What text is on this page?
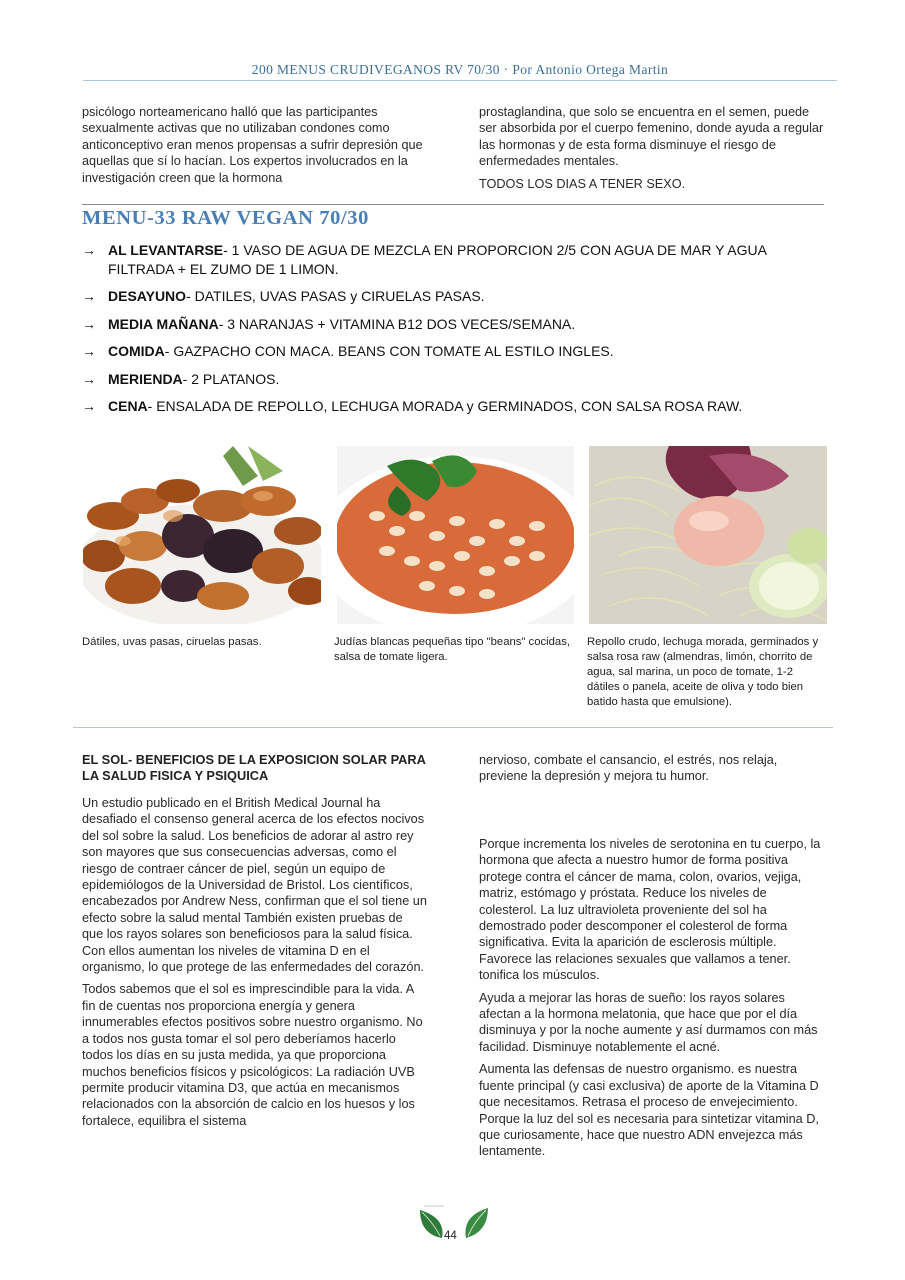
200 MENUS CRUDIVEGANOS RV 70/30 · Por Antonio Ortega Martin

psicólogo norteamericano halló que las participantes sexualmente activas que no utilizaban condones como anticonceptivo eran menos propensas a sufrir depresión que aquellas que sí lo hacían. Los expertos involucrados en la investigación creen que la hormona

prostaglandina, que solo se encuentra en el semen, puede ser absorbida por el cuerpo femenino, donde ayuda a regular las hormonas y de esta forma disminuye el riesgo de enfermedades mentales.

TODOS LOS DIAS A TENER SEXO.

MENU-33 RAW VEGAN 70/30
→ AL LEVANTARSE- 1 VASO DE AGUA DE MEZCLA EN PROPORCION 2/5 CON AGUA DE MAR Y AGUA FILTRADA + EL ZUMO DE 1 LIMON.
→ DESAYUNO- DATILES, UVAS PASAS y CIRUELAS PASAS.
→ MEDIA MAÑANA- 3 NARANJAS + VITAMINA B12 DOS VECES/SEMANA.
→ COMIDA- GAZPACHO CON MACA. BEANS CON TOMATE AL ESTILO INGLES.
→ MERIENDA- 2 PLATANOS.
→ CENA- ENSALADA DE REPOLLO, LECHUGA MORADA y GERMINADOS, CON SALSA ROSA RAW.
Dátiles, uvas pasas, ciruelas pasas.	Judías blancas pequeñas tipo "beans" cocidas, salsa de tomate ligera.
Repollo crudo, lechuga morada, germinados y salsa rosa raw (almendras, limón, chorrito de agua, sal marina, un poco de tomate, 1-2 dátiles o panela, aceite de oliva y todo bien batido hasta que emulsione).
EL SOL- BENEFICIOS DE LA EXPOSICION SOLAR PARA LA SALUD FISICA Y PSIQUICA

Un estudio publicado en el British Medical Journal ha desafiado el consenso general acerca de los efectos nocivos del sol sobre la salud. Los beneficios de adorar al astro rey son mayores que sus consecuencias adversas, como el riesgo de contraer cáncer de piel, según un equipo de epidemiólogos de la Universidad de Bristol. Los científicos, encabezados por Andrew Ness, confirman que el sol tiene un efecto sobre la salud mental También existen pruebas de que los rayos solares son beneficiosos para la salud física. Con ellos aumentan los niveles de vitamina D en el organismo, lo que protege de las enfermedades del corazón.

Todos sabemos que el sol es imprescindible para la vida. A fin de cuentas nos proporciona energía y genera innumerables efectos positivos sobre nuestro organismo. No a todos nos gusta tomar el sol pero deberíamos hacerlo todos los días en su justa medida, ya que proporciona muchos beneficios físicos y psicológicos: La radiación UVB permite producir vitamina D3, que actúa en mecanismos relacionados con la absorción de calcio en los huesos y los fortalece, equilibra el sistema

nervioso, combate el cansancio, el estrés, nos relaja, previene la depresión y mejora tu humor.

Porque incrementa los niveles de serotonina en tu cuerpo, la hormona que afecta a nuestro humor de forma positiva protege contra el cáncer de mama, colon, ovarios, vejiga, matriz, estómago y próstata. Reduce los niveles de colesterol. La luz ultravioleta proveniente del sol ha demostrado poder descomponer el colesterol de forma significativa. Evita la aparición de esclerosis múltiple. Favorece las relaciones sexuales que vallamos a tener. tonifica los músculos.

Ayuda a mejorar las horas de sueño: los rayos solares afectan a la hormona melatonia, que hace que por el día disminuya y por la noche aumente y así durmamos con más facilidad. Disminuye notablemente el acné.

Aumenta las defensas de nuestro organismo. es nuestra fuente principal (y casi exclusiva) de aporte de la Vitamina D que necesitamos. Retrasa el proceso de envejecimiento. Porque la luz del sol es necesaria para sintetizar vitamina D, que curiosamente, hace que nuestro ADN envejezca más lentamente.

44
